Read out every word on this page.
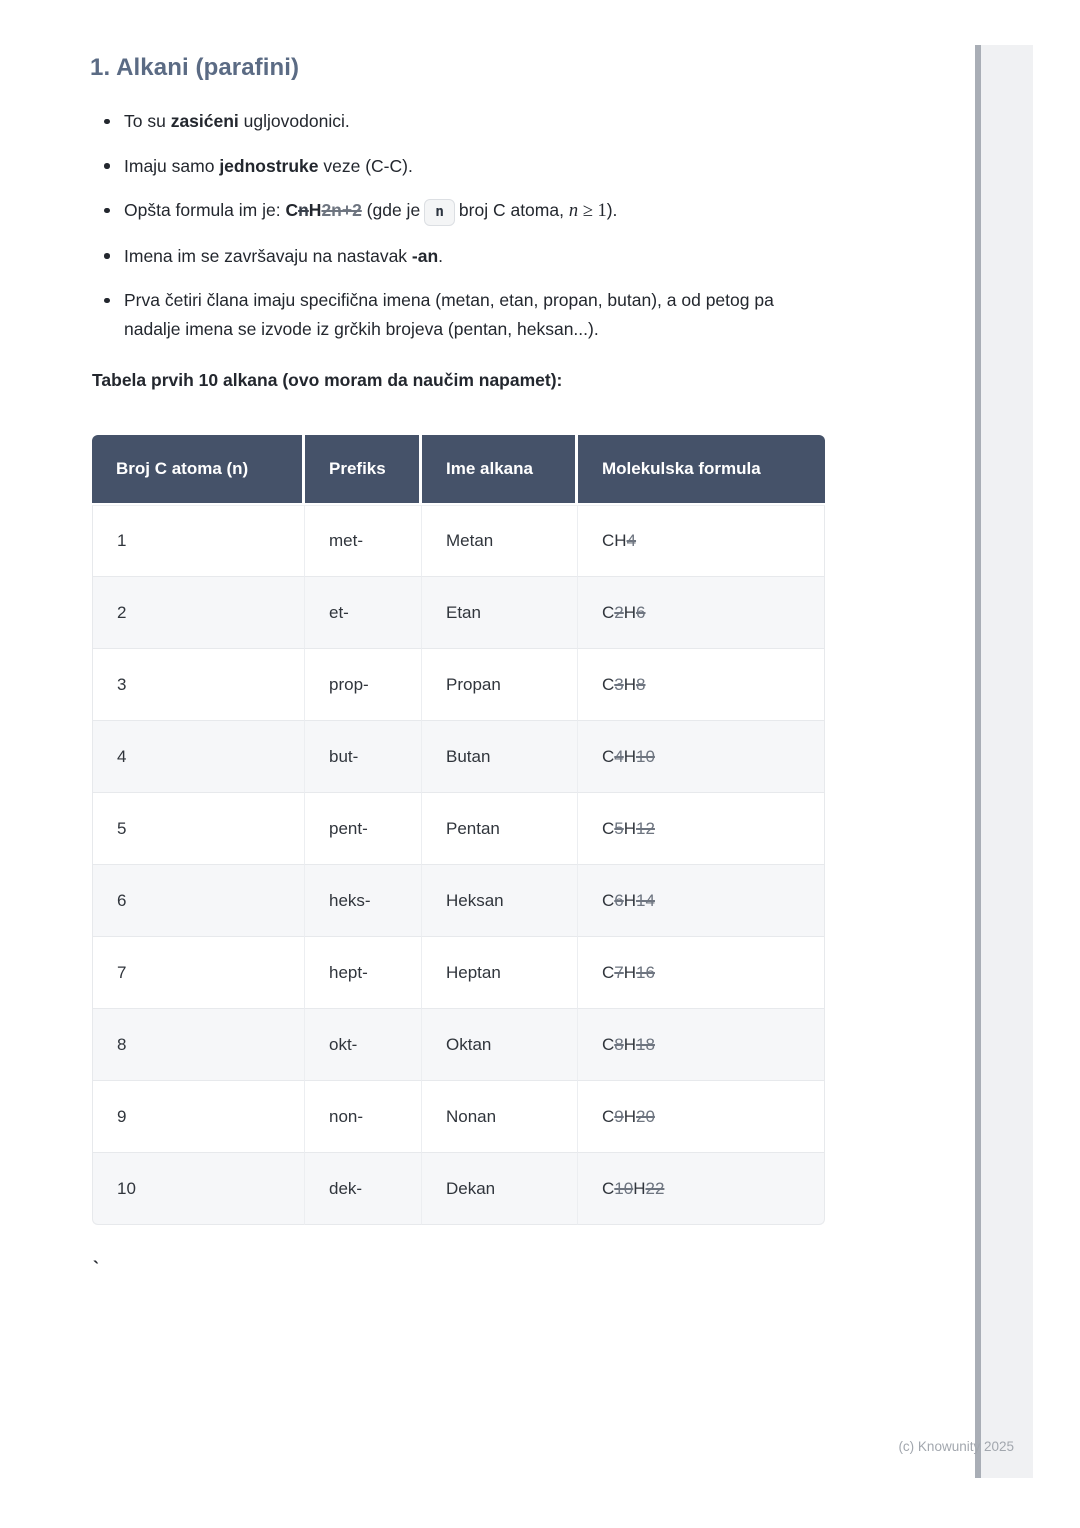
1. Alkani (parafini)
To su zasićeni ugljovodonici.
Imaju samo jednostruke veze (C-C).
Opšta formula im je: CnH2n+2 (gde je n broj C atoma, n ≥ 1).
Imena im se završavaju na nastavak -an.
Prva četiri člana imaju specifična imena (metan, etan, propan, butan), a od petog pa nadalje imena se izvode iz grčkih brojeva (pentan, heksan...).

Tabela prvih 10 alkana (ovo moram da naučim napamet):

Broj C atoma (n)	Prefiks	Ime alkana	Molekulska formula
1	met-	Metan	CH4
2	et-	Etan	C2H6
3	prop-	Propan	C3H8
4	but-	Butan	C4H10
5	pent-	Pentan	C5H12
6	heks-	Heksan	C6H14
7	hept-	Heptan	C7H16
8	okt-	Oktan	C8H18
9	non-	Nonan	C9H20
10	dek-	Dekan	C10H22
`
(c) Knowunity 2025
